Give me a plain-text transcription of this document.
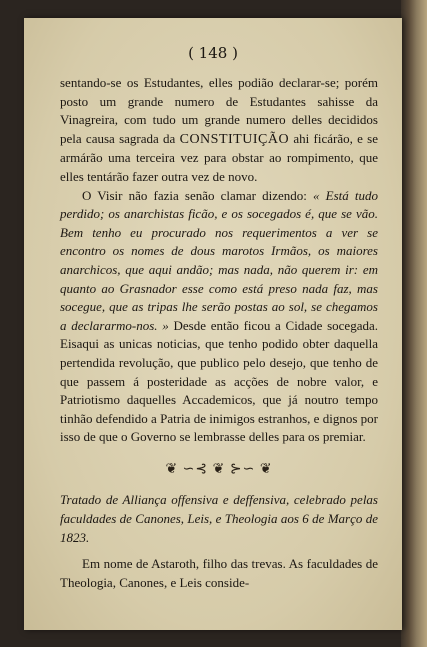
( 148 )

sentando-se os Estudantes, elles podião declarar-se; porém posto um grande numero de Estudantes sahisse da Vinagreira, com tudo um grande numero delles decididos pela causa sagrada da CONSTITUIÇÃO ahi ficárão, e se armárão uma terceira vez para obstar ao rompimento, que elles tentárão fazer outra vez de novo.

O Visir não fazia senão clamar dizendo: « Está tudo perdido; os anarchistas ficão, e os socegados é, que se vão. Bem tenho eu procurado nos requerimentos a ver se encontro os nomes de dous marotos Irmãos, os maiores anarchicos, que aqui andão; mas nada, não querem ir: em quanto ao Grasnador esse como está preso nada faz, mas socegue, que as tripas lhe serão postas ao sol, se chegamos a declararmo-nos. » Desde então ficou a Cidade socegada. Eisaqui as unicas noticias, que tenho podido obter daquella pertendida revolução, que publico pelo desejo, que tenho de que passem á posteridade as acções de nobre valor, e Patriotismo daquelles Accademicos, que já noutro tempo tinhão defendido a Patria de inimigos estranhos, e dignos por isso de que o Governo se lembrasse delles para os premiar.

❦ ∽⊰ ❦ ⊱∽ ❦

Tratado de Alliança offensiva e deffensiva, celebrado pelas faculdades de Canones, Leis, e Theologia aos 6 de Março de 1823.

Em nome de Astaroth, filho das trevas. As faculdades de Theologia, Canones, e Leis conside-
